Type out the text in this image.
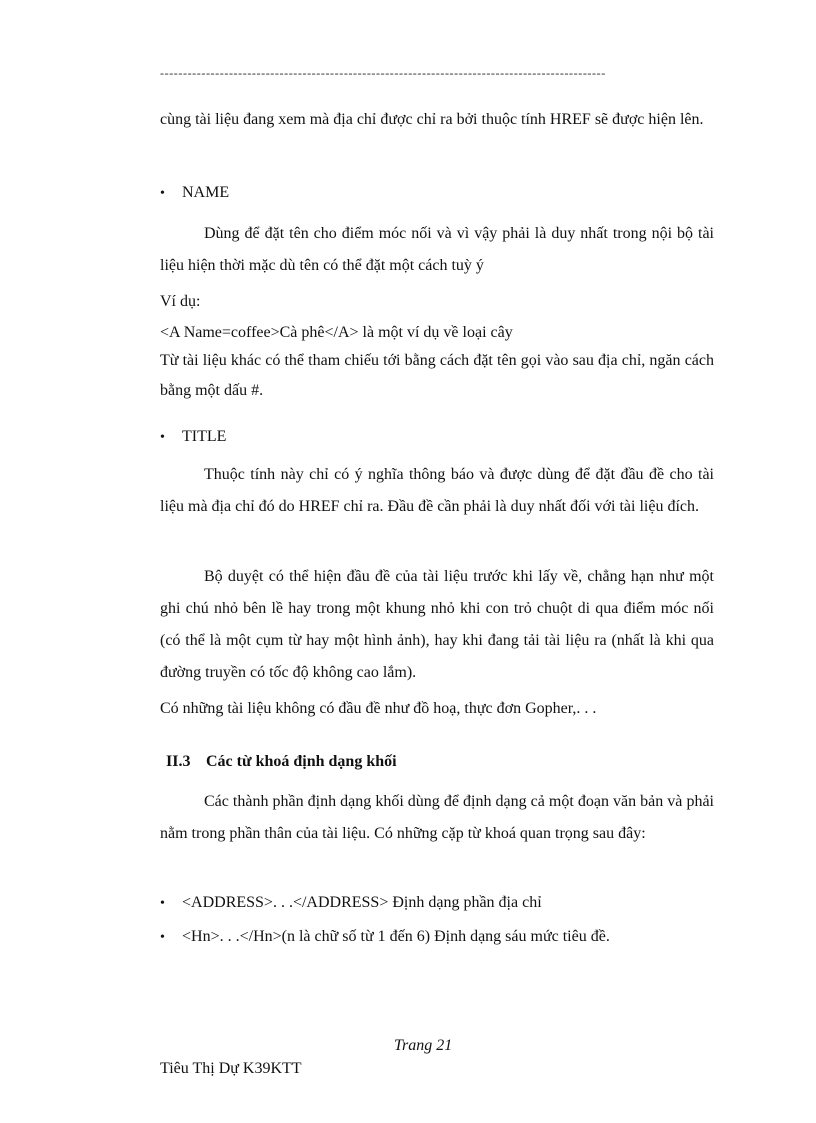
-------------------------------------------------------------------------------------------------

cùng tài liệu đang xem mà địa chỉ được chỉ ra bởi thuộc tính HREF sẽ được hiện lên.

• NAME

Dùng để đặt tên cho điểm móc nối và vì vậy phải là duy nhất trong nội bộ tài liệu hiện thời mặc dù tên có thể đặt một cách tuỳ ý

Ví dụ:
<A Name=coffee>Cà phê</A> là một ví dụ về loại cây

Từ tài liệu khác có thể tham chiếu tới bằng cách đặt tên gọi vào sau địa chỉ, ngăn cách bằng một dấu #.

• TITLE

Thuộc tính này chỉ có ý nghĩa thông báo và được dùng để đặt đầu đề cho tài liệu mà địa chỉ đó do HREF chỉ ra. Đầu đề cần phải là duy nhất đối với tài liệu đích.

Bộ duyệt có thể hiện đầu đề của tài liệu trước khi lấy về, chẳng hạn như một ghi chú nhỏ bên lề hay trong một khung nhỏ khi con trỏ chuột di qua điểm móc nối (có thể là một cụm từ hay một hình ảnh), hay khi đang tải tài liệu ra (nhất là khi qua đường truyền có tốc độ không cao lắm).

Có những tài liệu không có đầu đề như đồ hoạ, thực đơn Gopher,. . .
II.3 Các từ khoá định dạng khối

Các thành phần định dạng khối dùng để định dạng cả một đoạn văn bản và phải nằm trong phần thân của tài liệu. Có những cặp từ khoá quan trọng sau đây:

• <ADDRESS>. . .</ADDRESS> Định dạng phần địa chỉ
• <Hn>. . .</Hn>(n là chữ số từ 1 đến 6) Định dạng sáu mức tiêu đề.
Trang 21
Tiêu Thị Dự K39KTT
